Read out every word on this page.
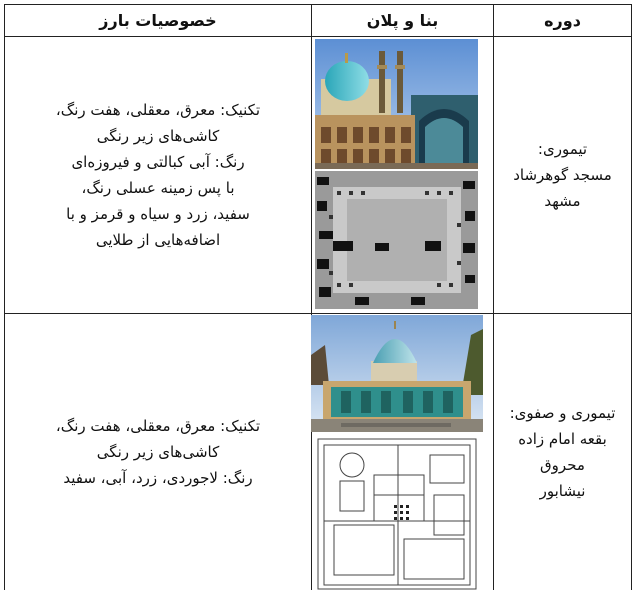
خصوصیات بارز	بنا و پلان	دوره
تکنیک: معرق، معقلی، هفت رنگ،
کاشی‌های زیر رنگی
رنگ: آبی کبالتی و فیروزه‌ای
با پس زمینه عسلی رنگ،
سفید، زرد و سیاه و قرمز و با
اضافه‌هایی از طلایی
تیموری:
مسجد گوهرشاد
مشهد
تکنیک: معرق، معقلی، هفت رنگ،
کاشی‌های زیر رنگی
رنگ: لاجوردی، زرد، آبی، سفید
تیموری و صفوی:
بقعه امام زاده محروق
نیشابور
